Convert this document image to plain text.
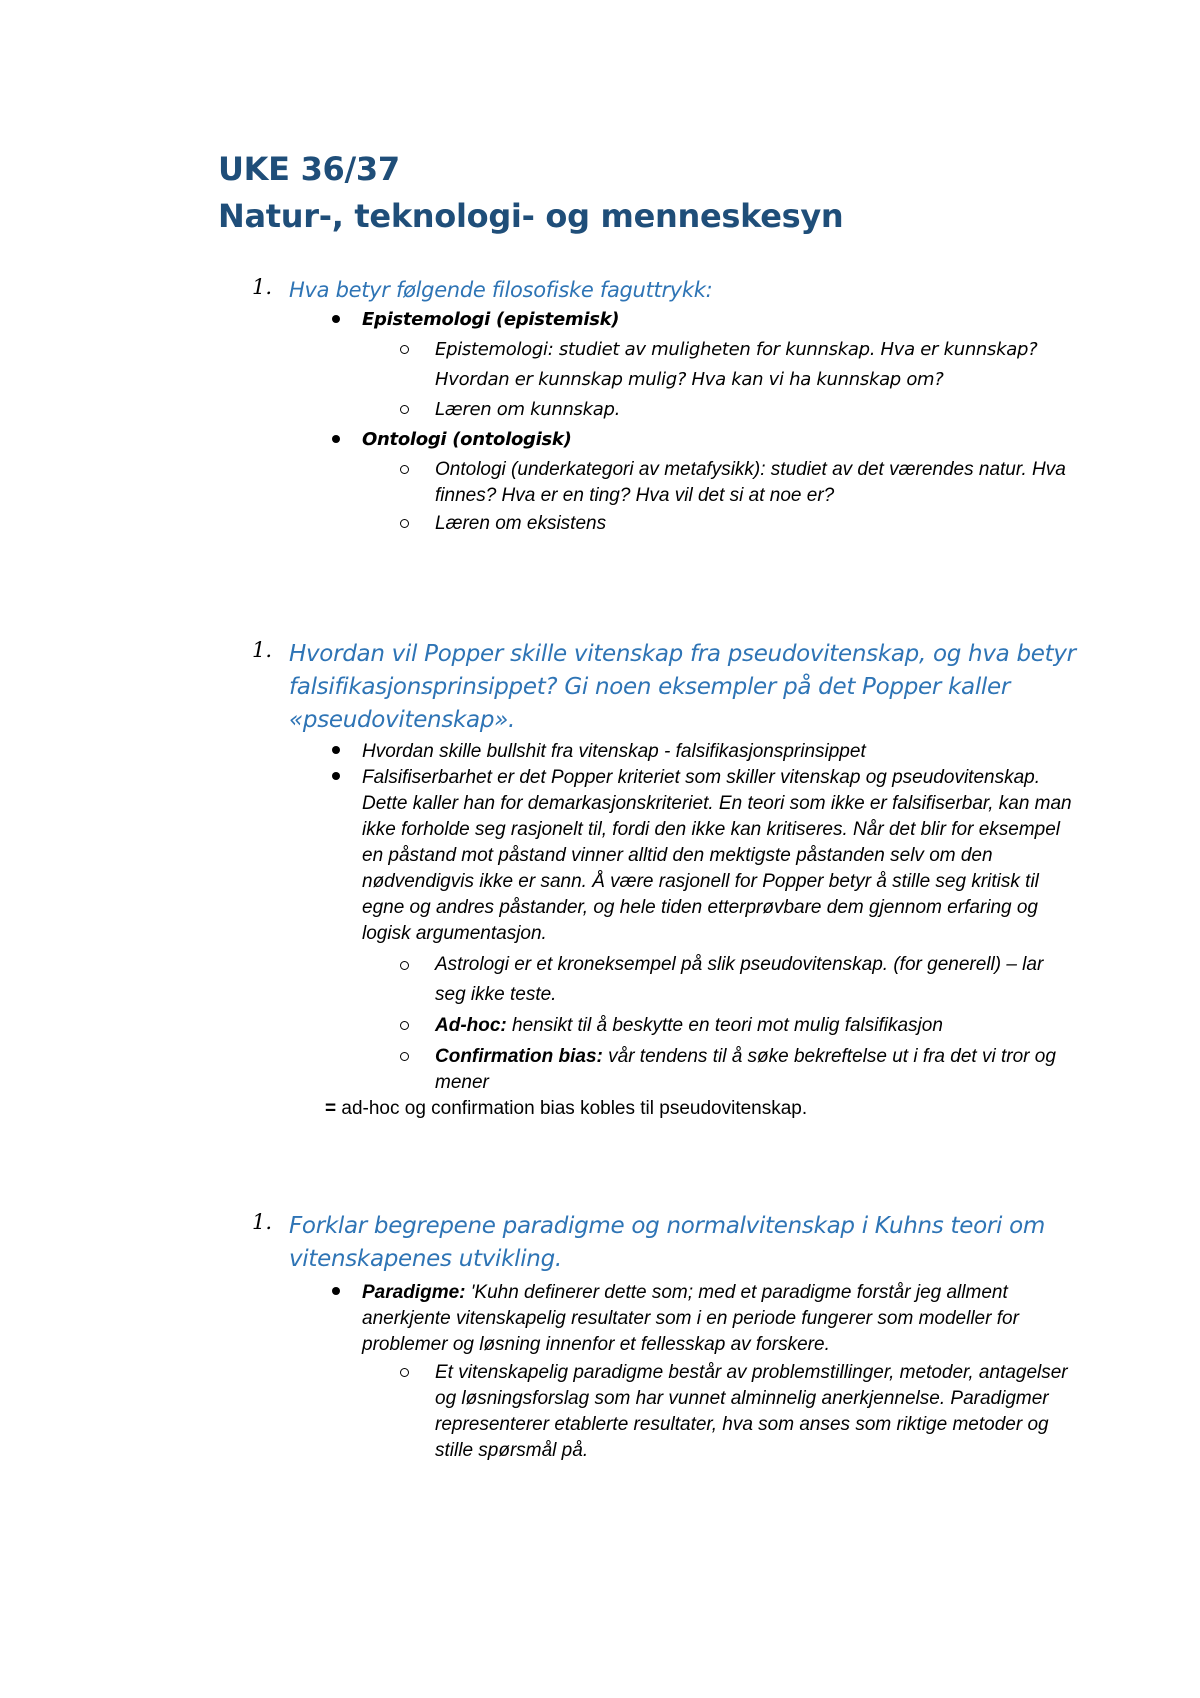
UKE 36/37
Natur-, teknologi- og menneskesyn
1. Hva betyr følgende filosofiske faguttrykk:

Epistemologi (epistemisk)
Epistemologi: studiet av muligheten for kunnskap. Hva er kunnskap? Hvordan er kunnskap mulig? Hva kan vi ha kunnskap om?
Læren om kunnskap.
Ontologi (ontologisk)
Ontologi (underkategori av metafysikk): studiet av det værendes natur. Hva finnes? Hva er en ting? Hva vil det si at noe er?
Læren om eksistens
1. Hvordan vil Popper skille vitenskap fra pseudovitenskap, og hva betyr falsifikasjonsprinsippet? Gi noen eksempler på det Popper kaller «pseudovitenskap».

Hvordan skille bullshit fra vitenskap - falsifikasjonsprinsippet
Falsifiserbarhet er det Popper kriteriet som skiller vitenskap og pseudovitenskap. Dette kaller han for demarkasjonskriteriet. En teori som ikke er falsifiserbar, kan man ikke forholde seg rasjonelt til, fordi den ikke kan kritiseres. Når det blir for eksempel en påstand mot påstand vinner alltid den mektigste påstanden selv om den nødvendigvis ikke er sann. Å være rasjonell for Popper betyr å stille seg kritisk til egne og andres påstander, og hele tiden etterprøvbare dem gjennom erfaring og logisk argumentasjon.
Astrologi er et kroneksempel på slik pseudovitenskap. (for generell) – lar seg ikke teste.
Ad-hoc: hensikt til å beskytte en teori mot mulig falsifikasjon
Confirmation bias: vår tendens til å søke bekreftelse ut i fra det vi tror og mener
= ad-hoc og confirmation bias kobles til pseudovitenskap.
1. Forklar begrepene paradigme og normalvitenskap i Kuhns teori om vitenskapenes utvikling.

Paradigme: 'Kuhn definerer dette som; med et paradigme forstår jeg allment anerkjente vitenskapelig resultater som i en periode fungerer som modeller for problemer og løsning innenfor et fellesskap av forskere.
Et vitenskapelig paradigme består av problemstillinger, metoder, antagelser og løsningsforslag som har vunnet alminnelig anerkjennelse. Paradigmer representerer etablerte resultater, hva som anses som riktige metoder og stille spørsmål på.
